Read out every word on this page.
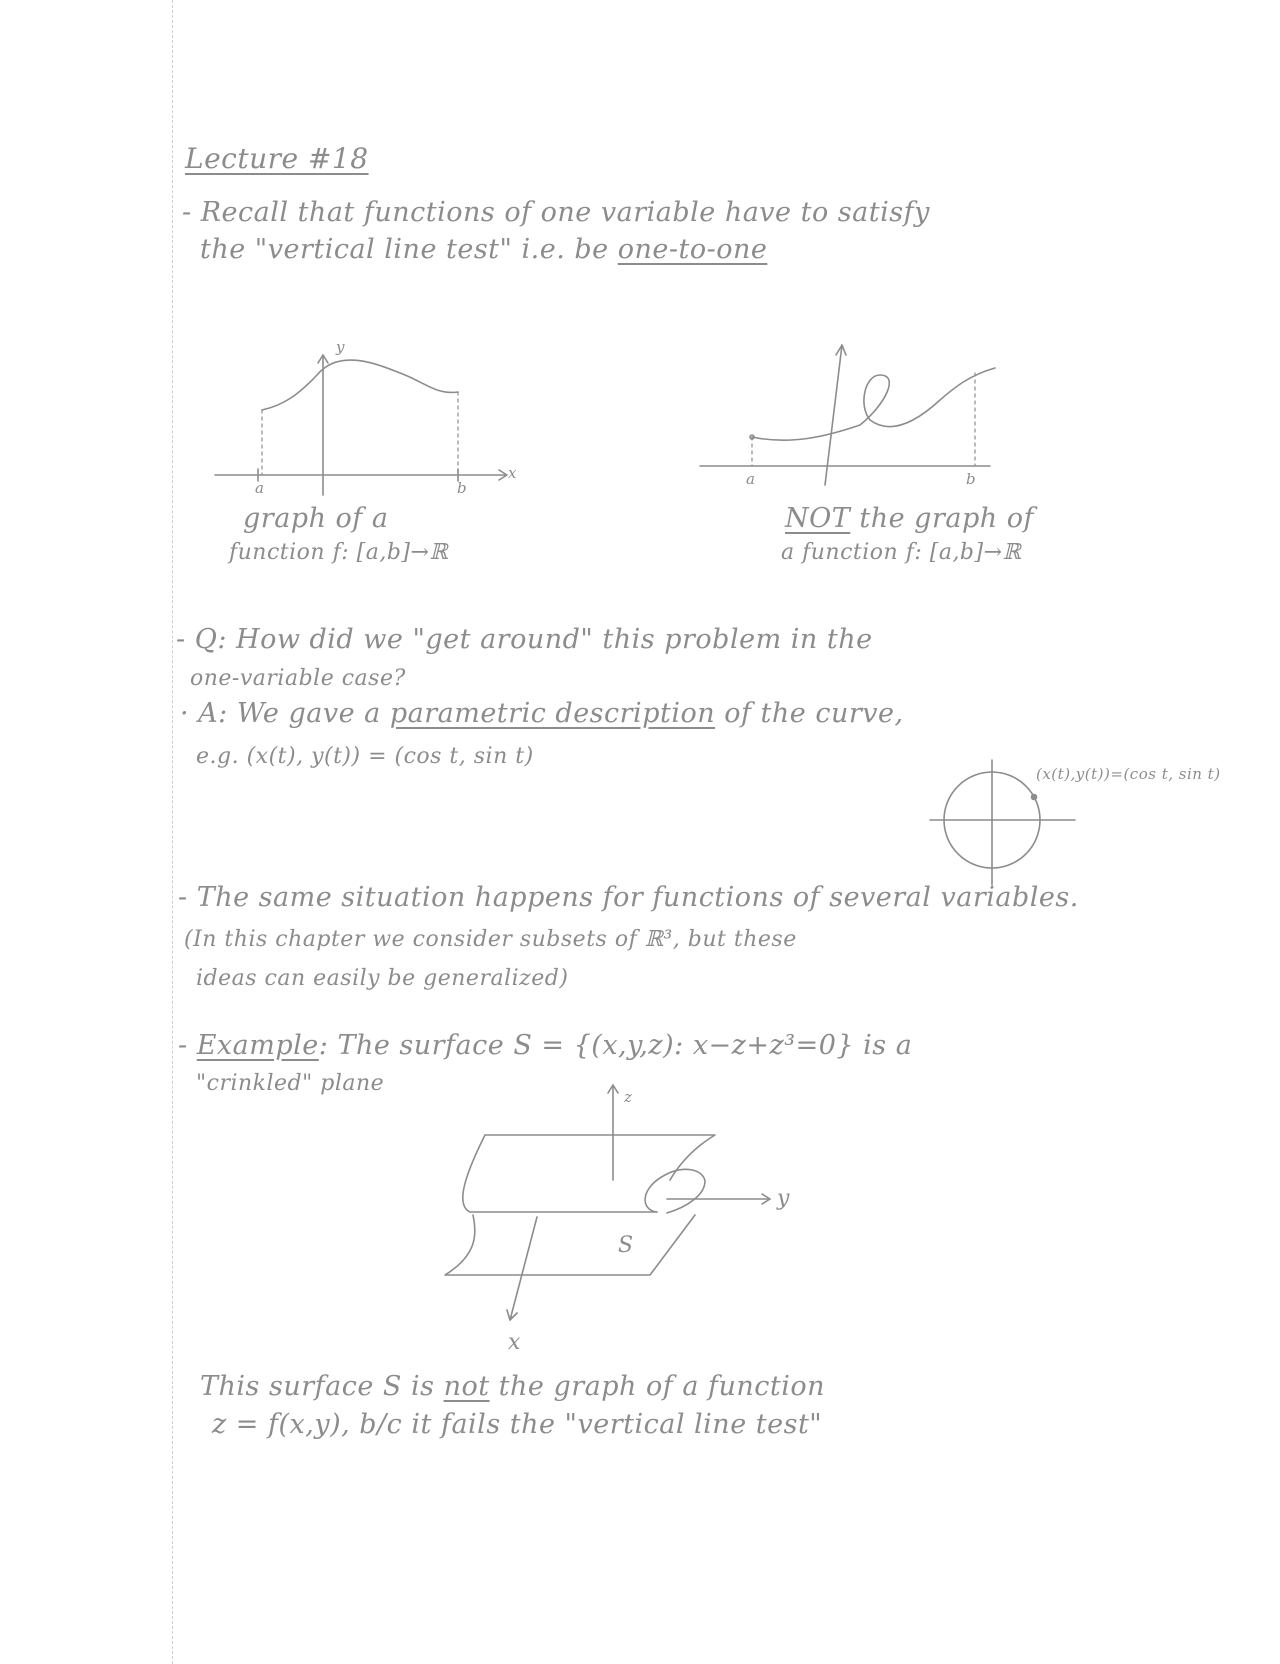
Lecture #18
- Recall that functions of one variable have to satisfy
the "vertical line test" i.e. be one-to-one
y
x
a	b
graph of a
function f: [a,b]→ℝ
a	b
NOT the graph of
a function f: [a,b]→ℝ
- Q: How did we "get around" this problem in the
one-variable case?
· A: We gave a parametric description of the curve,
e.g. (x(t), y(t)) = (cos t, sin t)
(x(t),y(t))=(cos t, sin t)
- The same situation happens for functions of several variables.
(In this chapter we consider subsets of ℝ³, but these
ideas can easily be generalized)
- Example: The surface S = {(x,y,z): x−z+z³=0} is a
"crinkled" plane
z
y
x
S
This surface S is not the graph of a function
z = f(x,y), b/c it fails the "vertical line test"
